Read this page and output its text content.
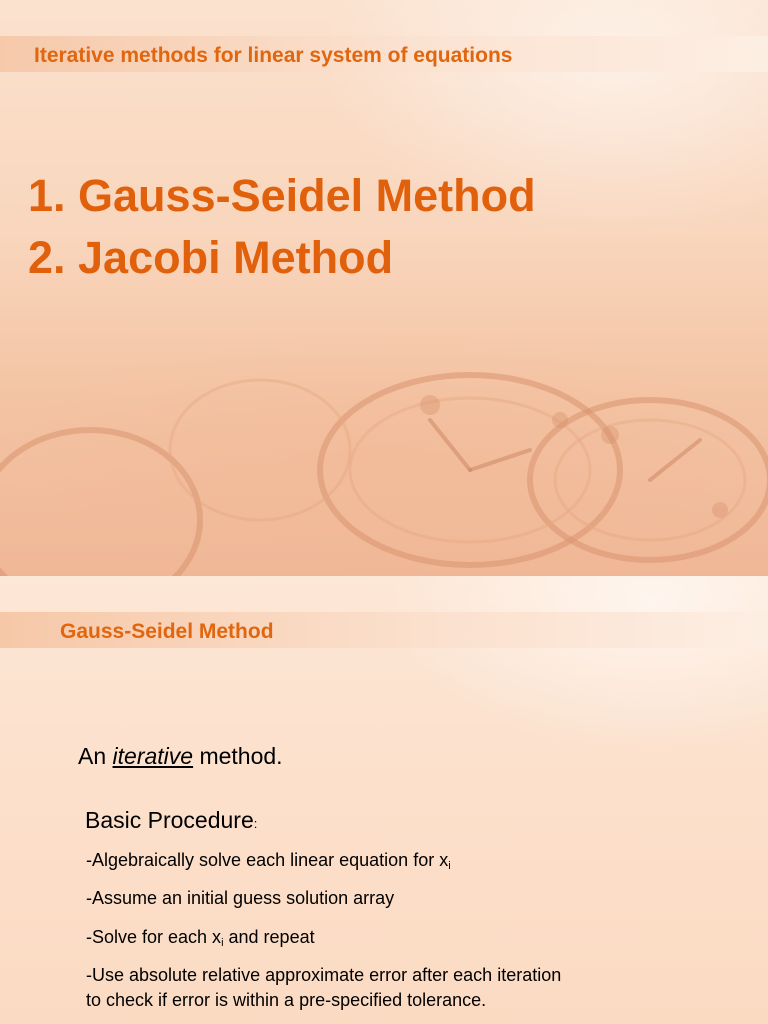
Iterative methods for linear system of equations
1. Gauss-Seidel Method
2. Jacobi Method
Gauss-Seidel Method
An iterative method.
Basic Procedure:
-Algebraically solve each linear equation for $x_i$
-Assume an initial guess solution array
-Solve for each $x_i$ and repeat
-Use absolute relative approximate error after each iteration
to check if error is within a pre-specified tolerance.
